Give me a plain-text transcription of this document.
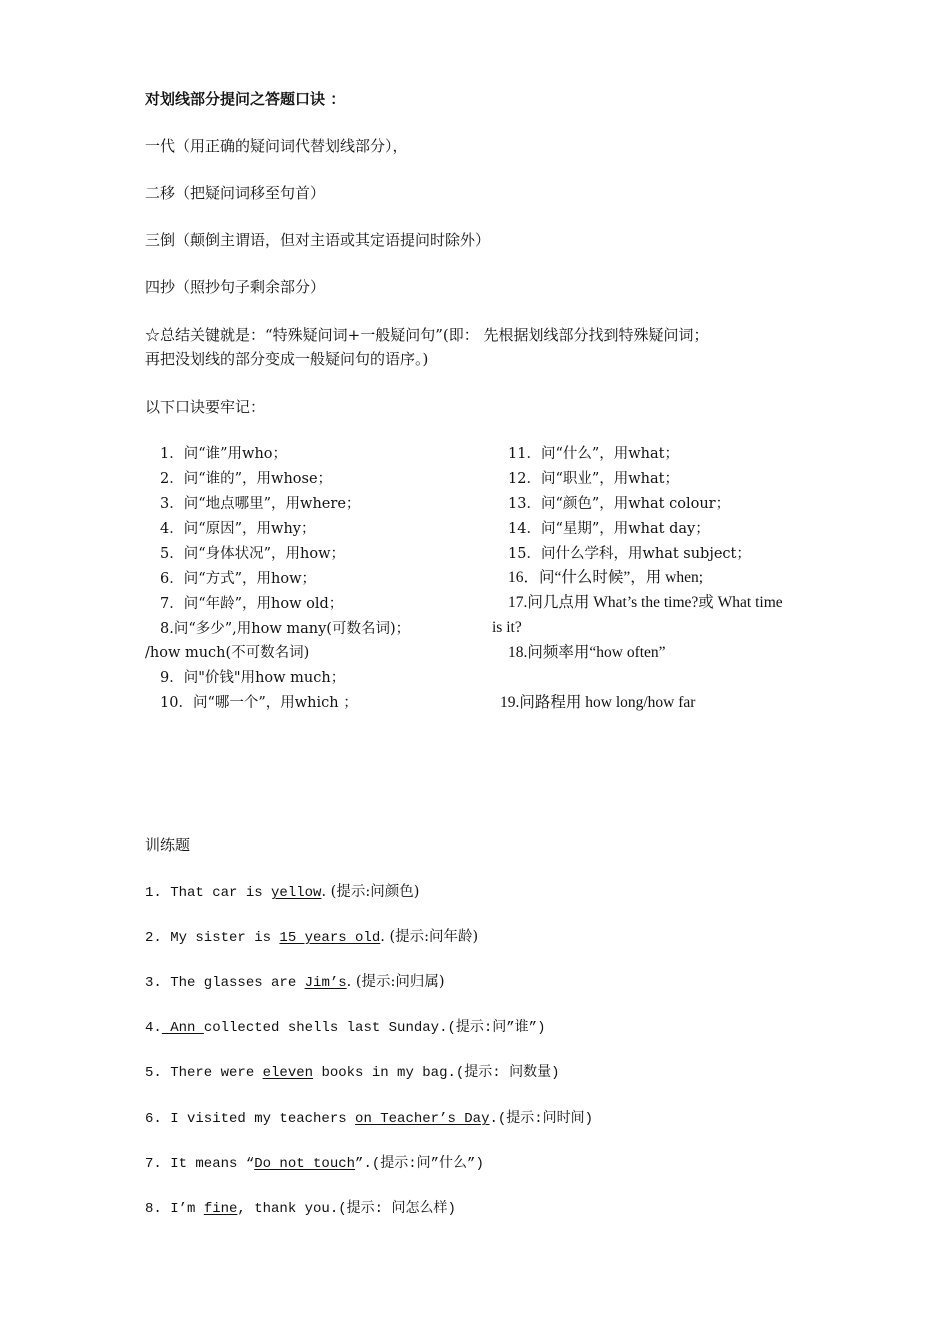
对划线部分提问之答题口诀 ：
一代（用正确的疑问词代替划线部分），
二移（把疑问词移至句首）
三倒（颠倒主谓语，但对主语或其定语提问时除外）
四抄（照抄句子剩余部分）
☆总结关键就是：“特殊疑问词+一般疑问句”(即： 先根据划线部分找到特殊疑问词；
再把没划线的部分变成一般疑问句的语序。)
以下口诀要牢记：
1．问“谁”用who；
2．问“谁的”，用whose；
3．问“地点哪里”，用where；
4．问“原因”，用why；
5．问“身体状况”，用how；
6．问“方式”，用how；
7．问“年龄”，用how old；
8.问“多少”,用how many(可数名词)；
/how much(不可数名词)
9．问"价钱"用how much；
10．问“哪一个”，用which ；
11．问“什么”，用what；
12．问“职业”，用what；
13．问“颜色”，用what colour；
14．问“星期”，用what day；
15．问什么学科，用what subject；
16．问“什么时候”，用 when;
17.问几点用 What’s the time?或 What time
is it?
18.问频率用“how often”
19.问路程用 how long/how far
训练题
1. That car is yellow. (提示:问颜色)
2. My sister is 15 years old. (提示:问年龄)
3. The glasses are Jim’s. (提示:问归属)
4. Ann collected shells last Sunday.(提示:问”谁”)
5. There were eleven books in my bag.(提示: 问数量)
6. I visited my teachers on Teacher’s Day.(提示:问时间)
7. It means “Do not touch”.(提示:问”什么”)
8. I’m fine, thank you.(提示: 问怎么样)
